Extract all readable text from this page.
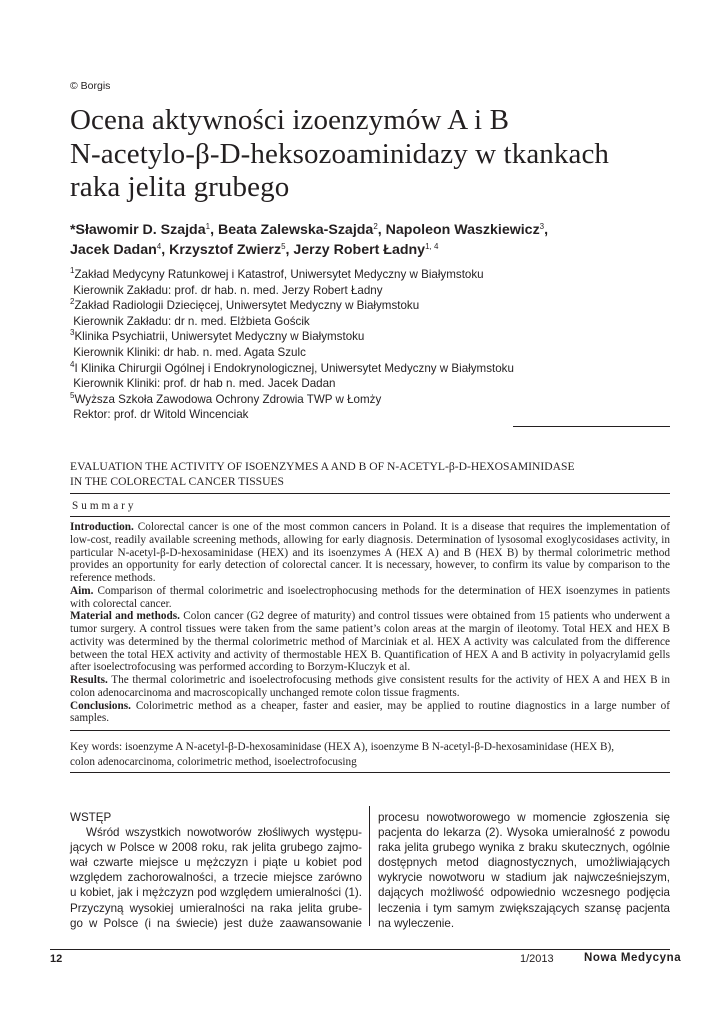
© Borgis
Ocena aktywności izoenzymów A i B
N-acetylo-β-D-heksozoaminidazy w tkankach
raka jelita grubego
*Sławomir D. Szajda$^1$, Beata Zalewska-Szajda$^2$, Napoleon Waszkiewicz$^3$,
Jacek Dadan$^4$, Krzysztof Zwierz$^5$, Jerzy Robert Ładny$^{1, 4}$
$^1$Zakład Medycyny Ratunkowej i Katastrof, Uniwersytet Medyczny w Białymstoku
Kierownik Zakładu: prof. dr hab. n. med. Jerzy Robert Ładny
$^2$Zakład Radiologii Dziecięcej, Uniwersytet Medyczny w Białymstoku
Kierownik Zakładu: dr n. med. Elżbieta Gościk
$^3$Klinika Psychiatrii, Uniwersytet Medyczny w Białymstoku
Kierownik Kliniki: dr hab. n. med. Agata Szulc
$^4$I Klinika Chirurgii Ogólnej i Endokrynologicznej, Uniwersytet Medyczny w Białymstoku
Kierownik Kliniki: prof. dr hab n. med. Jacek Dadan
$^5$Wyższa Szkoła Zawodowa Ochrony Zdrowia TWP w Łomży
Rektor: prof. dr Witold Wincenciak
EVALUATION THE ACTIVITY OF ISOENZYMES A AND B OF N-ACETYL-β-D-HEXOSAMINIDASE
IN THE COLORECTAL CANCER TISSUES
Summary

Introduction. Colorectal cancer is one of the most common cancers in Poland. It is a disease that requires the implementation of low-cost, readily available screening methods, allowing for early diagnosis. Determination of lysosomal exoglycosidases activity, in particular N-acetyl-β-D-hexosaminidase (HEX) and its isoenzymes A (HEX A) and B (HEX B) by thermal colorimetric method provides an opportunity for early detection of colorectal cancer. It is necessary, however, to confirm its value by comparison to the reference methods.

Aim. Comparison of thermal colorimetric and isoelectrophocusing methods for the determination of HEX isoenzymes in patients with colorectal cancer.

Material and methods. Colon cancer (G2 degree of maturity) and control tissues were obtained from 15 patients who underwent a tumor surgery. A control tissues were taken from the same patient’s colon areas at the margin of ileotomy. Total HEX and HEX B activity was determined by the thermal colorimetric method of Marciniak et al. HEX A activity was calculated from the difference between the total HEX activity and activity of thermostable HEX B. Quantification of HEX A and B activity in polyacrylamid gells after isoelectrofocusing was performed according to Borzym-Kluczyk et al.

Results. The thermal colorimetric and isoelectrofocusing methods give consistent results for the activity of HEX A and HEX B in colon adenocarcinoma and macroscopically unchanged remote colon tissue fragments.

Conclusions. Colorimetric method as a cheaper, faster and easier, may be applied to routine diagnostics in a large number of samples.

Key words: isoenzyme A N-acetyl-β-D-hexosaminidase (HEX A), isoenzyme B N-acetyl-β-D-hexosaminidase (HEX B),
colon adenocarcinoma, colorimetric method, isoelectrofocusing
WSTĘP
Wśród wszystkich nowotworów złośliwych występu-
jących w Polsce w 2008 roku, rak jelita grubego zajmo-
wał czwarte miejsce u mężczyzn i piąte u kobiet pod
względem zachorowalności, a trzecie miejsce zarówno
u kobiet, jak i mężczyzn pod względem umieralności (1).
Przyczyną wysokiej umieralności na raka jelita grube-
go w Polsce (i na świecie) jest duże zaawansowanie
procesu nowotworowego w momencie zgłoszenia się
pacjenta do lekarza (2). Wysoka umieralność z powodu
raka jelita grubego wynika z braku skutecznych, ogólnie
dostępnych metod diagnostycznych, umożliwiających
wykrycie nowotworu w stadium jak najwcześniejszym,
dających możliwość odpowiednio wczesnego podjęcia
leczenia i tym samym zwiększających szansę pacjenta
na wyleczenie.
12	1/2013	Nowa Medycyna
